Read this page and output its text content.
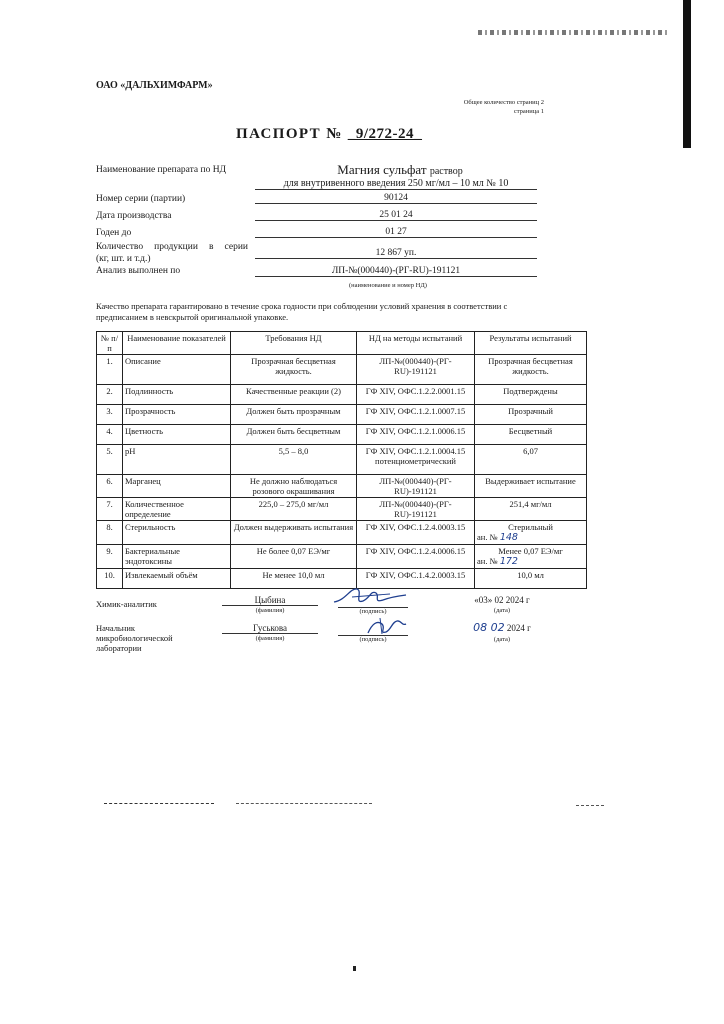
ОАО «ДАЛЬХИМФАРМ»
Общее количество страниц 2
страница 1
ПАСПОРТ № _9/272-24_
Наименование препарата по НД	Магния сульфат раствор
для внутривенного введения 250 мг/мл – 10 мл № 10
Номер серии (партии)	90124
Дата производства	25 01 24
Годен до	01 27
Количество продукции в серии
(кг, шт. и т.д.)
12 867 уп.
Анализ выполнен по	ЛП-№(000440)-(РГ-RU)-191121
(наименование и номер НД)
Качество препарата гарантировано в течение срока годности при соблюдении условий хранения в соответствии с предписанием в невскрытой оригинальной упаковке.
№ п/п	Наименование показателей	Требования НД	НД на методы испытаний	Результаты испытаний
1.	Описание	Прозрачная бесцветная жидкость.	ЛП-№(000440)-(РГ-RU)-191121	Прозрачная бесцветная жидкость.
2.	Подлинность	Качественные реакции (2)	ГФ XIV, ОФС.1.2.2.0001.15	Подтверждены
3.	Прозрачность	Должен быть прозрачным	ГФ XIV, ОФС.1.2.1.0007.15	Прозрачный
4.	Цветность	Должен быть бесцветным	ГФ XIV, ОФС.1.2.1.0006.15	Бесцветный
5.	pH	5,5 – 8,0	ГФ XIV, ОФС.1.2.1.0004.15 потенциометрический	6,07
6.	Марганец	Не должно наблюдаться розового окрашивания	ЛП-№(000440)-(РГ-RU)-191121	Выдерживает испытание
7.	Количественное определение	225,0 – 275,0 мг/мл	ЛП-№(000440)-(РГ-RU)-191121	251,4 мг/мл
8.	Стерильность	Должен выдерживать испытания	ГФ XIV, ОФС.1.2.4.0003.15	Стерильный
ан. № 148

9.	Бактериальные эндотоксины	Не более 0,07 ЕЭ/мг	ГФ XIV, ОФС.1.2.4.0006.15	Менее 0,07 ЕЭ/мг
ан. № 172

10.	Извлекаемый объём	Не менее 10,0 мл	ГФ XIV, ОФС.1.4.2.0003.15	10,0 мл
Химик-аналитик	Цыбина
(фамилия)	(подпись)
«03» 02 2024 г
(дата)
Начальник
микробиологической
лаборатории
Гуськова
(фамилия)	(подпись)
08 02 2024 г
(дата)
